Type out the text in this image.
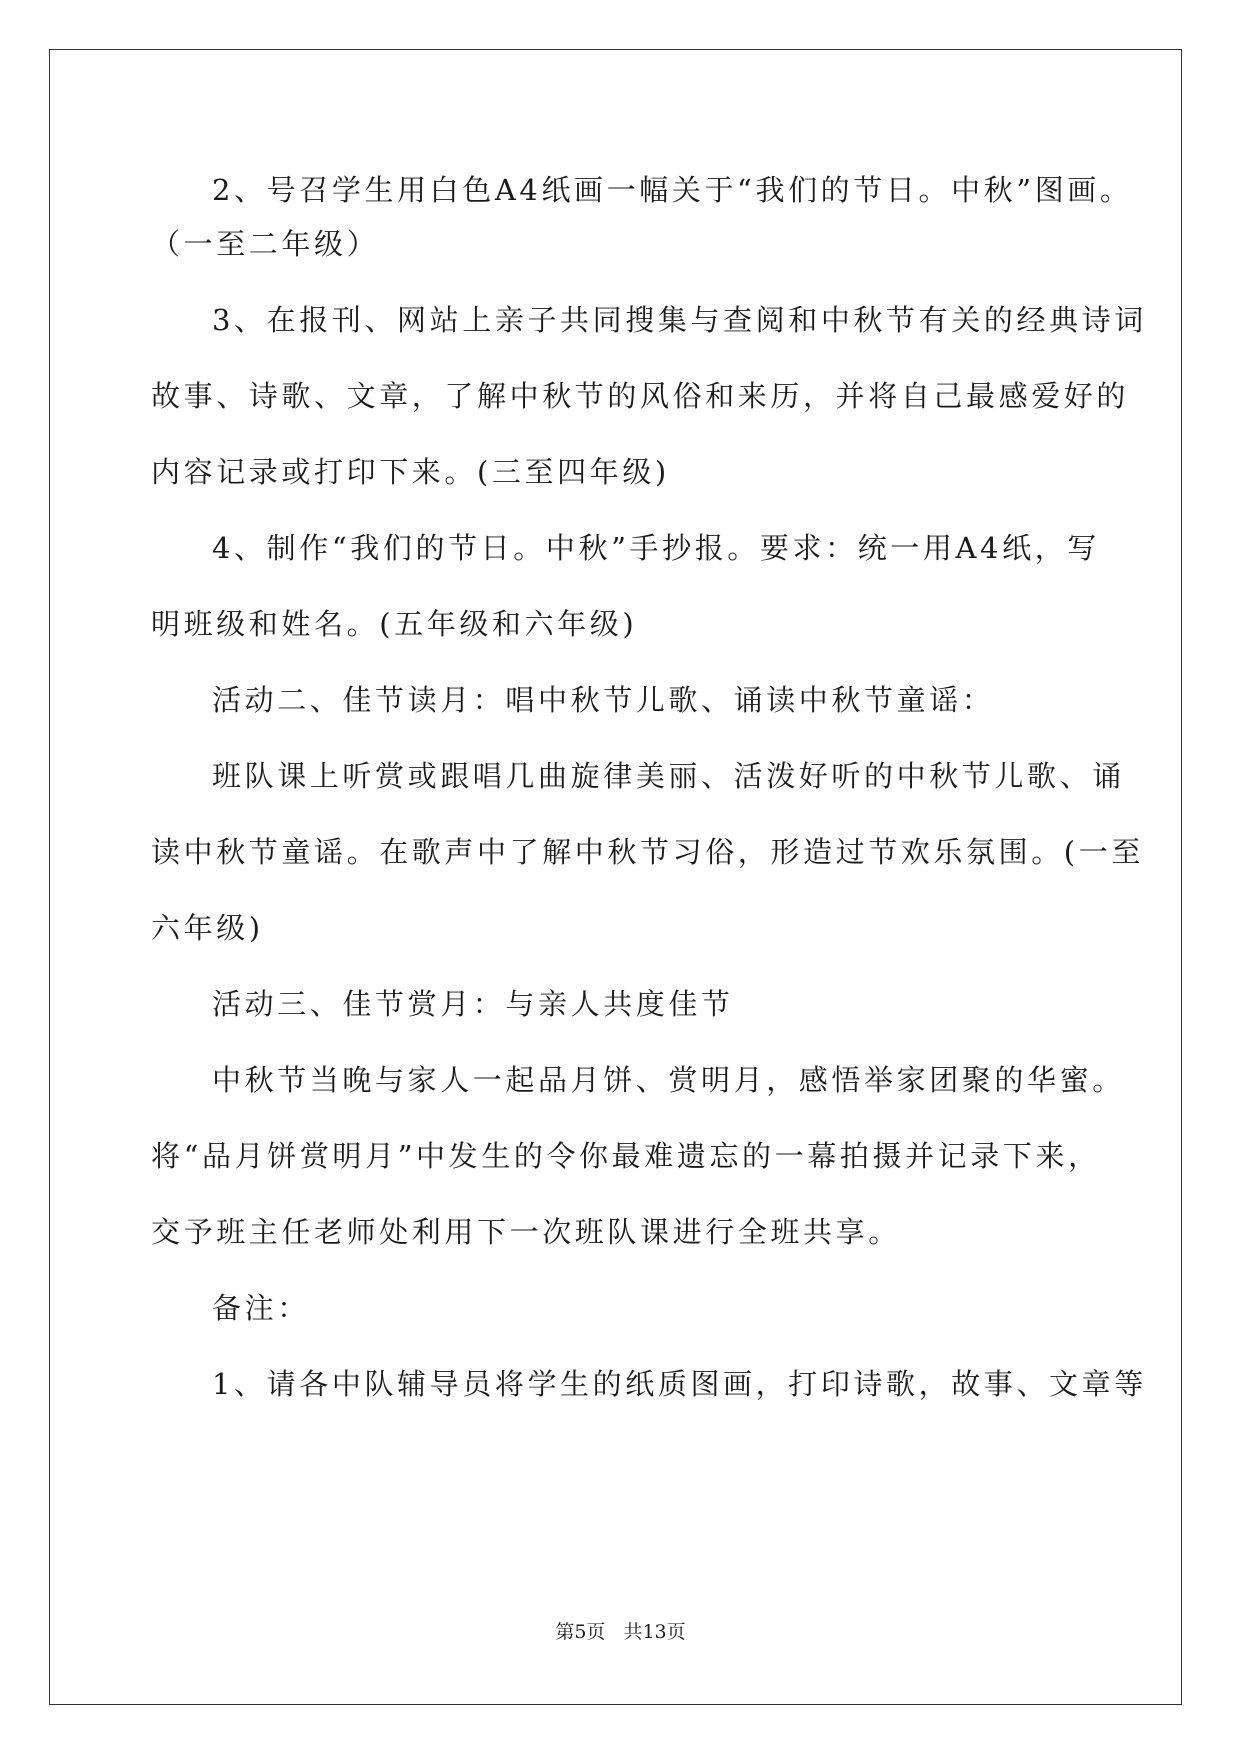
2、号召学生用白色A4纸画一幅关于“我们的节日。中秋”图画。
（一至二年级）
3、在报刊、网站上亲子共同搜集与查阅和中秋节有关的经典诗词
故事、诗歌、文章，了解中秋节的风俗和来历，并将自己最感爱好的
内容记录或打印下来。(三至四年级)
4、制作“我们的节日。中秋”手抄报。要求：统一用A4纸，写
明班级和姓名。(五年级和六年级)
活动二、佳节读月：唱中秋节儿歌、诵读中秋节童谣：
班队课上听赏或跟唱几曲旋律美丽、活泼好听的中秋节儿歌、诵
读中秋节童谣。在歌声中了解中秋节习俗，形造过节欢乐氛围。(一至
六年级)
活动三、佳节赏月：与亲人共度佳节
中秋节当晚与家人一起品月饼、赏明月，感悟举家团聚的华蜜。
将“品月饼赏明月”中发生的令你最难遗忘的一幕拍摄并记录下来，
交予班主任老师处利用下一次班队课进行全班共享。
备注：
1、请各中队辅导员将学生的纸质图画，打印诗歌，故事、文章等
第5页 共13页
